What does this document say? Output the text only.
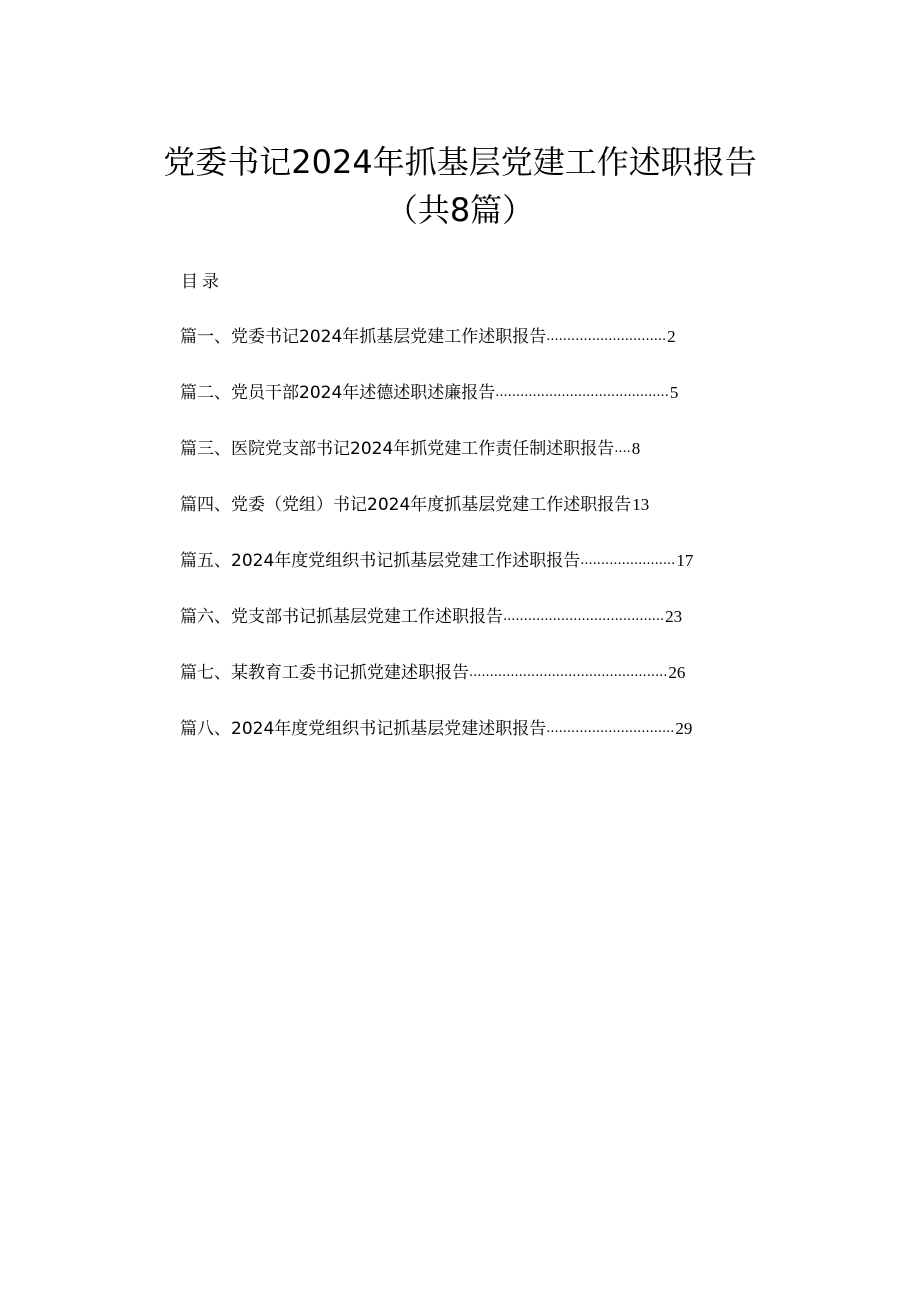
党委书记2024年抓基层党建工作述职报告
（共8篇）
目录
篇一、党委书记2024年抓基层党建工作述职报告.............................2
篇二、党员干部2024年述德述职述廉报告..........................................5
篇三、医院党支部书记2024年抓党建工作责任制述职报告....8
篇四、党委（党组）书记2024年度抓基层党建工作述职报告13
篇五、2024年度党组织书记抓基层党建工作述职报告.......................17
篇六、党支部书记抓基层党建工作述职报告.......................................23
篇七、某教育工委书记抓党建述职报告................................................26
篇八、2024年度党组织书记抓基层党建述职报告...............................29
